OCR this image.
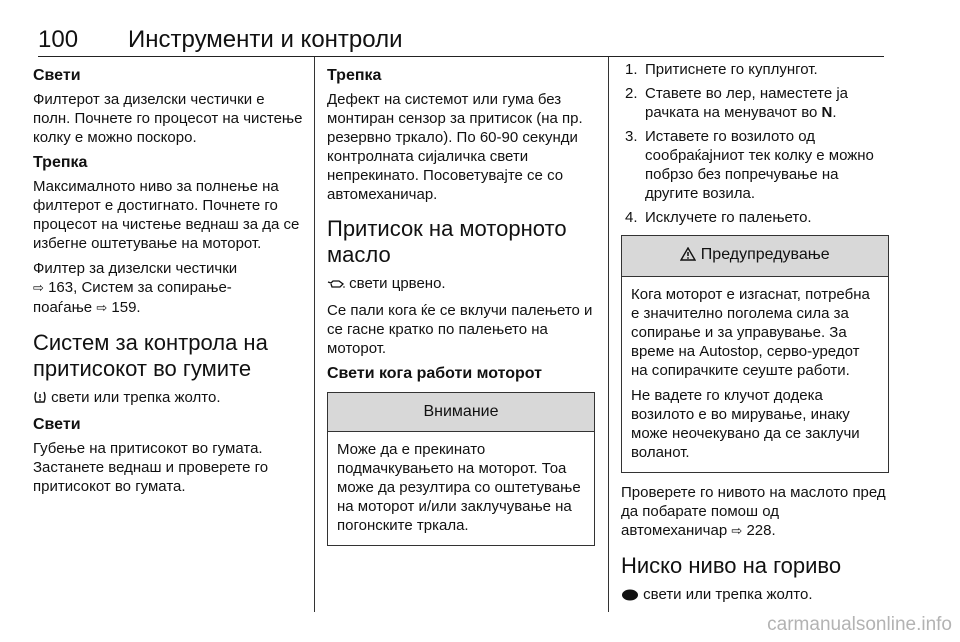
100 Инструменти и контроли
Свети
Филтерот за дизелски честички е полн. Почнете го процесот на чистење колку е можно поскоро.
Трепка
Максималното ниво за полнење на филтерот е достигнато. Почнете го процесот на чистење веднаш за да се избегне оштетување на моторот.
Филтер за дизелски честички
⇨ 163, Систем за сопирање-
поаѓање ⇨ 159.
Систем за контрола на притисокот во гумите
свети или трепка жолто.
Свети
Губење на притисокот во гумата. Застанете веднаш и проверете го притисокот во гумата.
Трепка
Дефект на системот или гума без монтиран сензор за притисок (на пр. резервно тркало). По 60-90 секунди контролната сијаличка свети непрекинато. Посоветувајте се со автомеханичар.
Притисок на моторното масло
свети црвено.
Се пали кога ќе се вклучи палењето и се гасне кратко по палењето на моторот.
Свети кога работи моторот
Внимание
Може да е прекинато подмачкувањето на моторот. Тоа може да резултира со оштетување на моторот и/или заклучување на погонските тркала.
1. Притиснете го куплунгот.
2. Ставете во лер, наместете ја рачката на менувачот во N.
3. Иставете го возилото од сообраќајниот тек колку е можно побрзо без попречување на другите возила.
4. Исклучете го палењето.
Предупредување
Кога моторот е изгаснат, потребна е значително поголема сила за сопирање и за управување. За време на Autostop, серво-уредот на сопирачките сеуште работи.
Не вадете го клучот додека возилото е во мирување, инаку може неочекувано да се заклучи воланот.
Проверете го нивото на маслото пред да побарате помош од автомеханичар ⇨ 228.
Ниско ниво на гориво
свети или трепка жолто.
carmanualsonline.info
